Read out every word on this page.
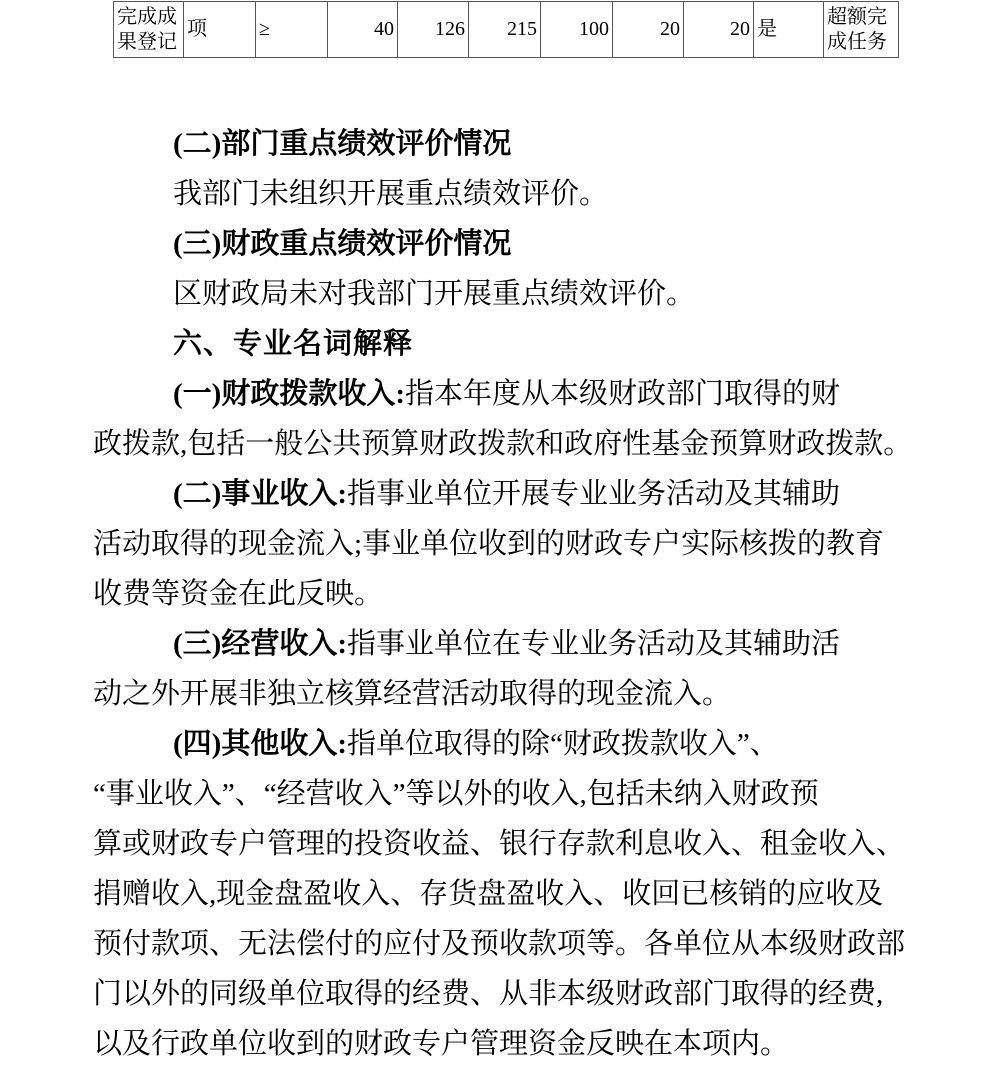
完成成果登记	项	≥	40	126	215	100	20	20	是	超额完成任务
(二)部门重点绩效评价情况
我部门未组织开展重点绩效评价。
(三)财政重点绩效评价情况
区财政局未对我部门开展重点绩效评价。
六、专业名词解释
(一)财政拨款收入:指本年度从本级财政部门取得的财
政拨款,包括一般公共预算财政拨款和政府性基金预算财政拨款。
(二)事业收入:指事业单位开展专业业务活动及其辅助
活动取得的现金流入;事业单位收到的财政专户实际核拨的教育
收费等资金在此反映。
(三)经营收入:指事业单位在专业业务活动及其辅助活
动之外开展非独立核算经营活动取得的现金流入。
(四)其他收入:指单位取得的除“财政拨款收入”、
“事业收入”、“经营收入”等以外的收入,包括未纳入财政预
算或财政专户管理的投资收益、银行存款利息收入、租金收入、
捐赠收入,现金盘盈收入、存货盘盈收入、收回已核销的应收及
预付款项、无法偿付的应付及预收款项等。各单位从本级财政部
门以外的同级单位取得的经费、从非本级财政部门取得的经费,
以及行政单位收到的财政专户管理资金反映在本项内。
